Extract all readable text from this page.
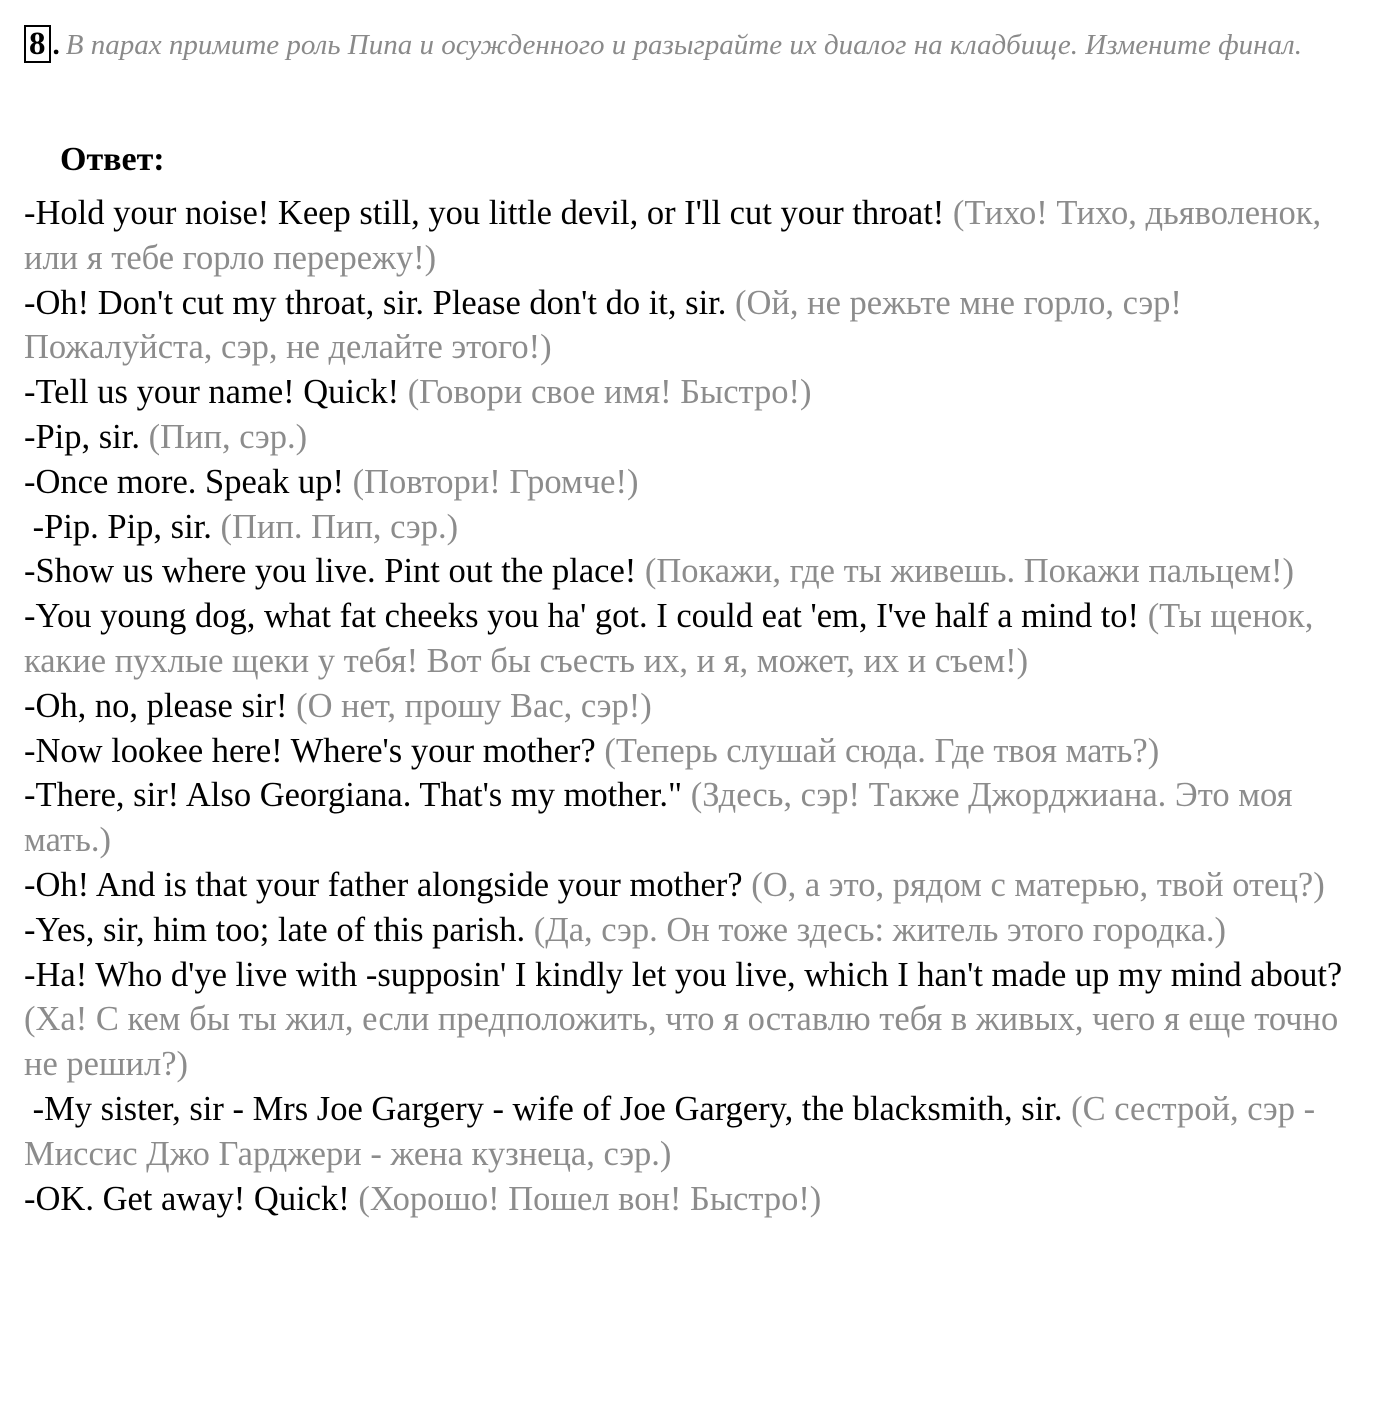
8 . В парах примите роль Пипа и осужденного и разыграйте их диалог на кладбище. Измените финал.
Ответ:

-Hold your noise! Keep still, you little devil, or I'll cut your throat! (Тихо! Тихо, дьяволенок, или я тебе горло перережу!)

-Oh! Don't cut my throat, sir. Please don't do it, sir. (Ой, не режьте мне горло, сэр! Пожалуйста, сэр, не делайте этого!)

-Tell us your name! Quick! (Говори свое имя! Быстро!)

-Pip, sir. (Пип, сэр.)

-Once more. Speak up! (Повтори! Громче!)

-Pip. Pip, sir. (Пип. Пип, сэр.)

-Show us where you live. Pint out the place! (Покажи, где ты живешь. Покажи пальцем!)

-You young dog, what fat cheeks you ha' got. I could eat 'em, I've half a mind to! (Ты щенок, какие пухлые щеки у тебя! Вот бы съесть их, и я, может, их и съем!)

-Oh, no, please sir! (О нет, прошу Вас, сэр!)

-Now lookee here! Where's your mother? (Теперь слушай сюда. Где твоя мать?)

-There, sir! Also Georgiana. That's my mother." (Здесь, сэр! Также Джорджиана. Это моя мать.)

-Oh! And is that your father alongside your mother? (О, а это, рядом с матерью, твой отец?)

-Yes, sir, him too; late of this parish. (Да, сэр. Он тоже здесь: житель этого городка.)

-Ha! Who d'ye live with -supposin' I kindly let you live, which I han't made up my mind about? (Ха! С кем бы ты жил, если предположить, что я оставлю тебя в живых, чего я еще точно не решил?)

-My sister, sir - Mrs Joe Gargery - wife of Joe Gargery, the blacksmith, sir. (С сестрой, сэр - Миссис Джо Гарджери - жена кузнеца, сэр.)

-OK. Get away! Quick! (Хорошо! Пошел вон! Быстро!)
